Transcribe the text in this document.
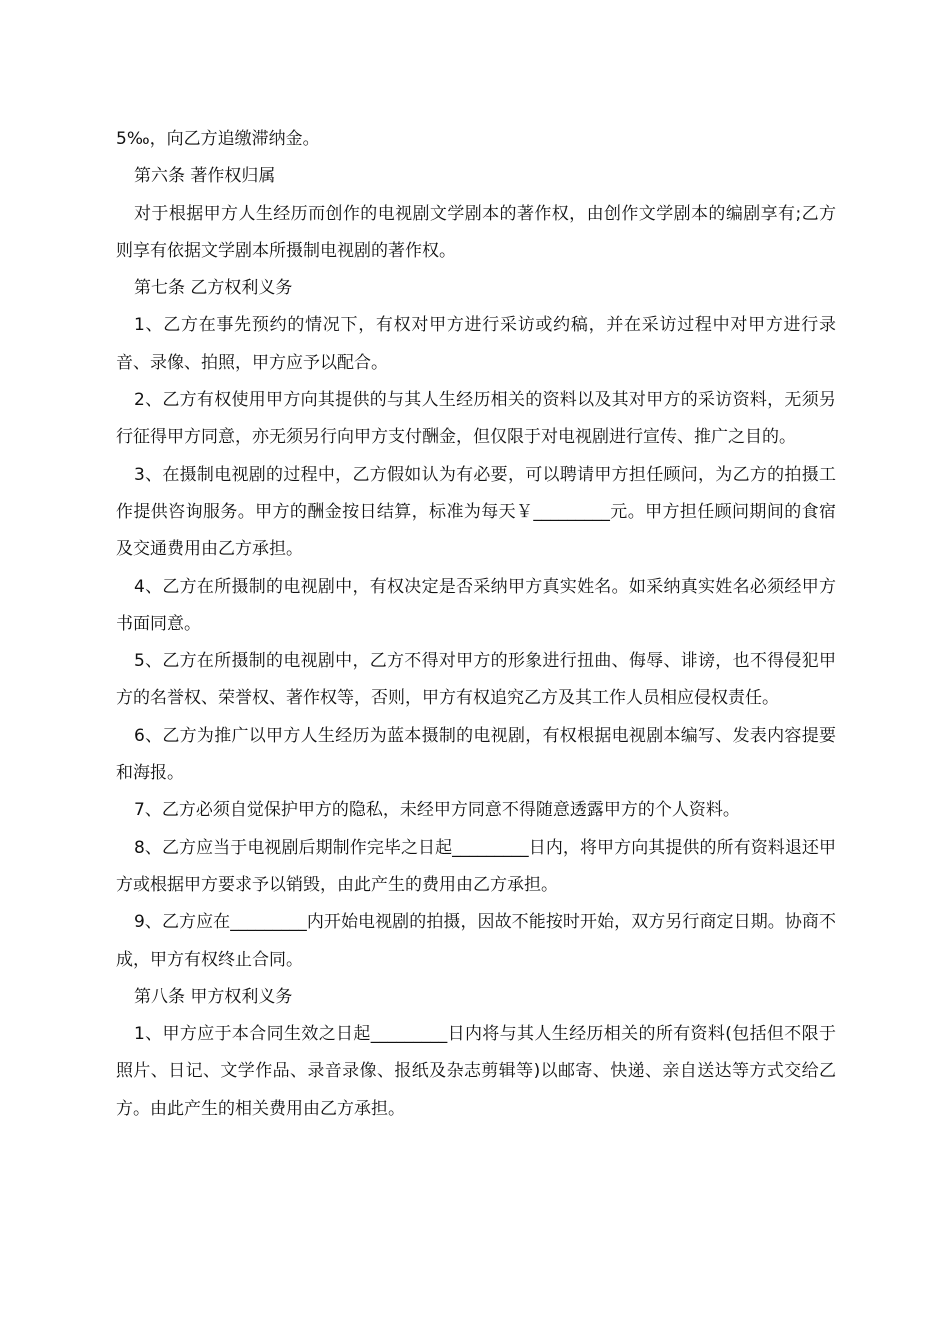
5‰，向乙方追缴滞纳金。

第六条 著作权归属

对于根据甲方人生经历而创作的电视剧文学剧本的著作权，由创作文学剧本的编剧享有;乙方则享有依据文学剧本所摄制电视剧的著作权。

第七条 乙方权利义务

1、乙方在事先预约的情况下，有权对甲方进行采访或约稿，并在采访过程中对甲方进行录音、录像、拍照，甲方应予以配合。

2、乙方有权使用甲方向其提供的与其人生经历相关的资料以及其对甲方的采访资料，无须另行征得甲方同意，亦无须另行向甲方支付酬金，但仅限于对电视剧进行宣传、推广之目的。

3、在摄制电视剧的过程中，乙方假如认为有必要，可以聘请甲方担任顾问，为乙方的拍摄工作提供咨询服务。甲方的酬金按日结算，标准为每天￥_________元。甲方担任顾问期间的食宿及交通费用由乙方承担。

4、乙方在所摄制的电视剧中，有权决定是否采纳甲方真实姓名。如采纳真实姓名必须经甲方书面同意。

5、乙方在所摄制的电视剧中，乙方不得对甲方的形象进行扭曲、侮辱、诽谤，也不得侵犯甲方的名誉权、荣誉权、著作权等，否则，甲方有权追究乙方及其工作人员相应侵权责任。

6、乙方为推广以甲方人生经历为蓝本摄制的电视剧，有权根据电视剧本编写、发表内容提要和海报。

7、乙方必须自觉保护甲方的隐私，未经甲方同意不得随意透露甲方的个人资料。

8、乙方应当于电视剧后期制作完毕之日起_________日内，将甲方向其提供的所有资料退还甲方或根据甲方要求予以销毁，由此产生的费用由乙方承担。

9、乙方应在_________内开始电视剧的拍摄，因故不能按时开始，双方另行商定日期。协商不成，甲方有权终止合同。

第八条 甲方权利义务

1、甲方应于本合同生效之日起_________日内将与其人生经历相关的所有资料(包括但不限于照片、日记、文学作品、录音录像、报纸及杂志剪辑等)以邮寄、快递、亲自送达等方式交给乙方。由此产生的相关费用由乙方承担。
